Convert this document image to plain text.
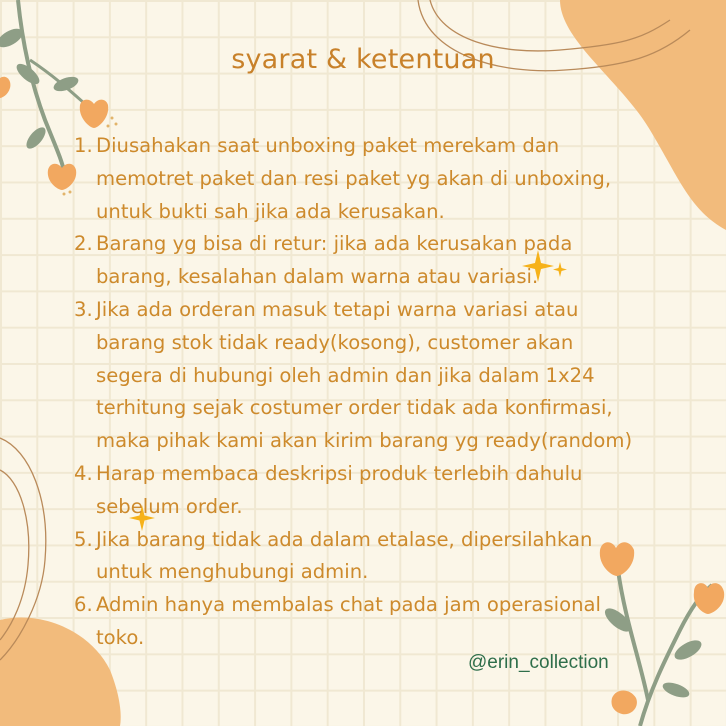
syarat & ketentuan
1. Diusahakan saat unboxing paket merekam dan
memotret paket dan resi paket yg akan di unboxing,
untuk bukti sah jika ada kerusakan.
2. Barang yg bisa di retur: jika ada kerusakan pada
barang, kesalahan dalam warna atau variasi.
3. Jika ada orderan masuk tetapi warna variasi atau
barang stok tidak ready(kosong), customer akan
segera di hubungi oleh admin dan jika dalam 1x24
terhitung sejak costumer order tidak ada konfirmasi,
maka pihak kami akan kirim barang yg ready(random)
4. Harap membaca deskripsi produk terlebih dahulu
sebelum order.
5. Jika barang tidak ada dalam etalase, dipersilahkan
untuk menghubungi admin.
6. Admin hanya membalas chat pada jam operasional
toko.
@erin_collection
